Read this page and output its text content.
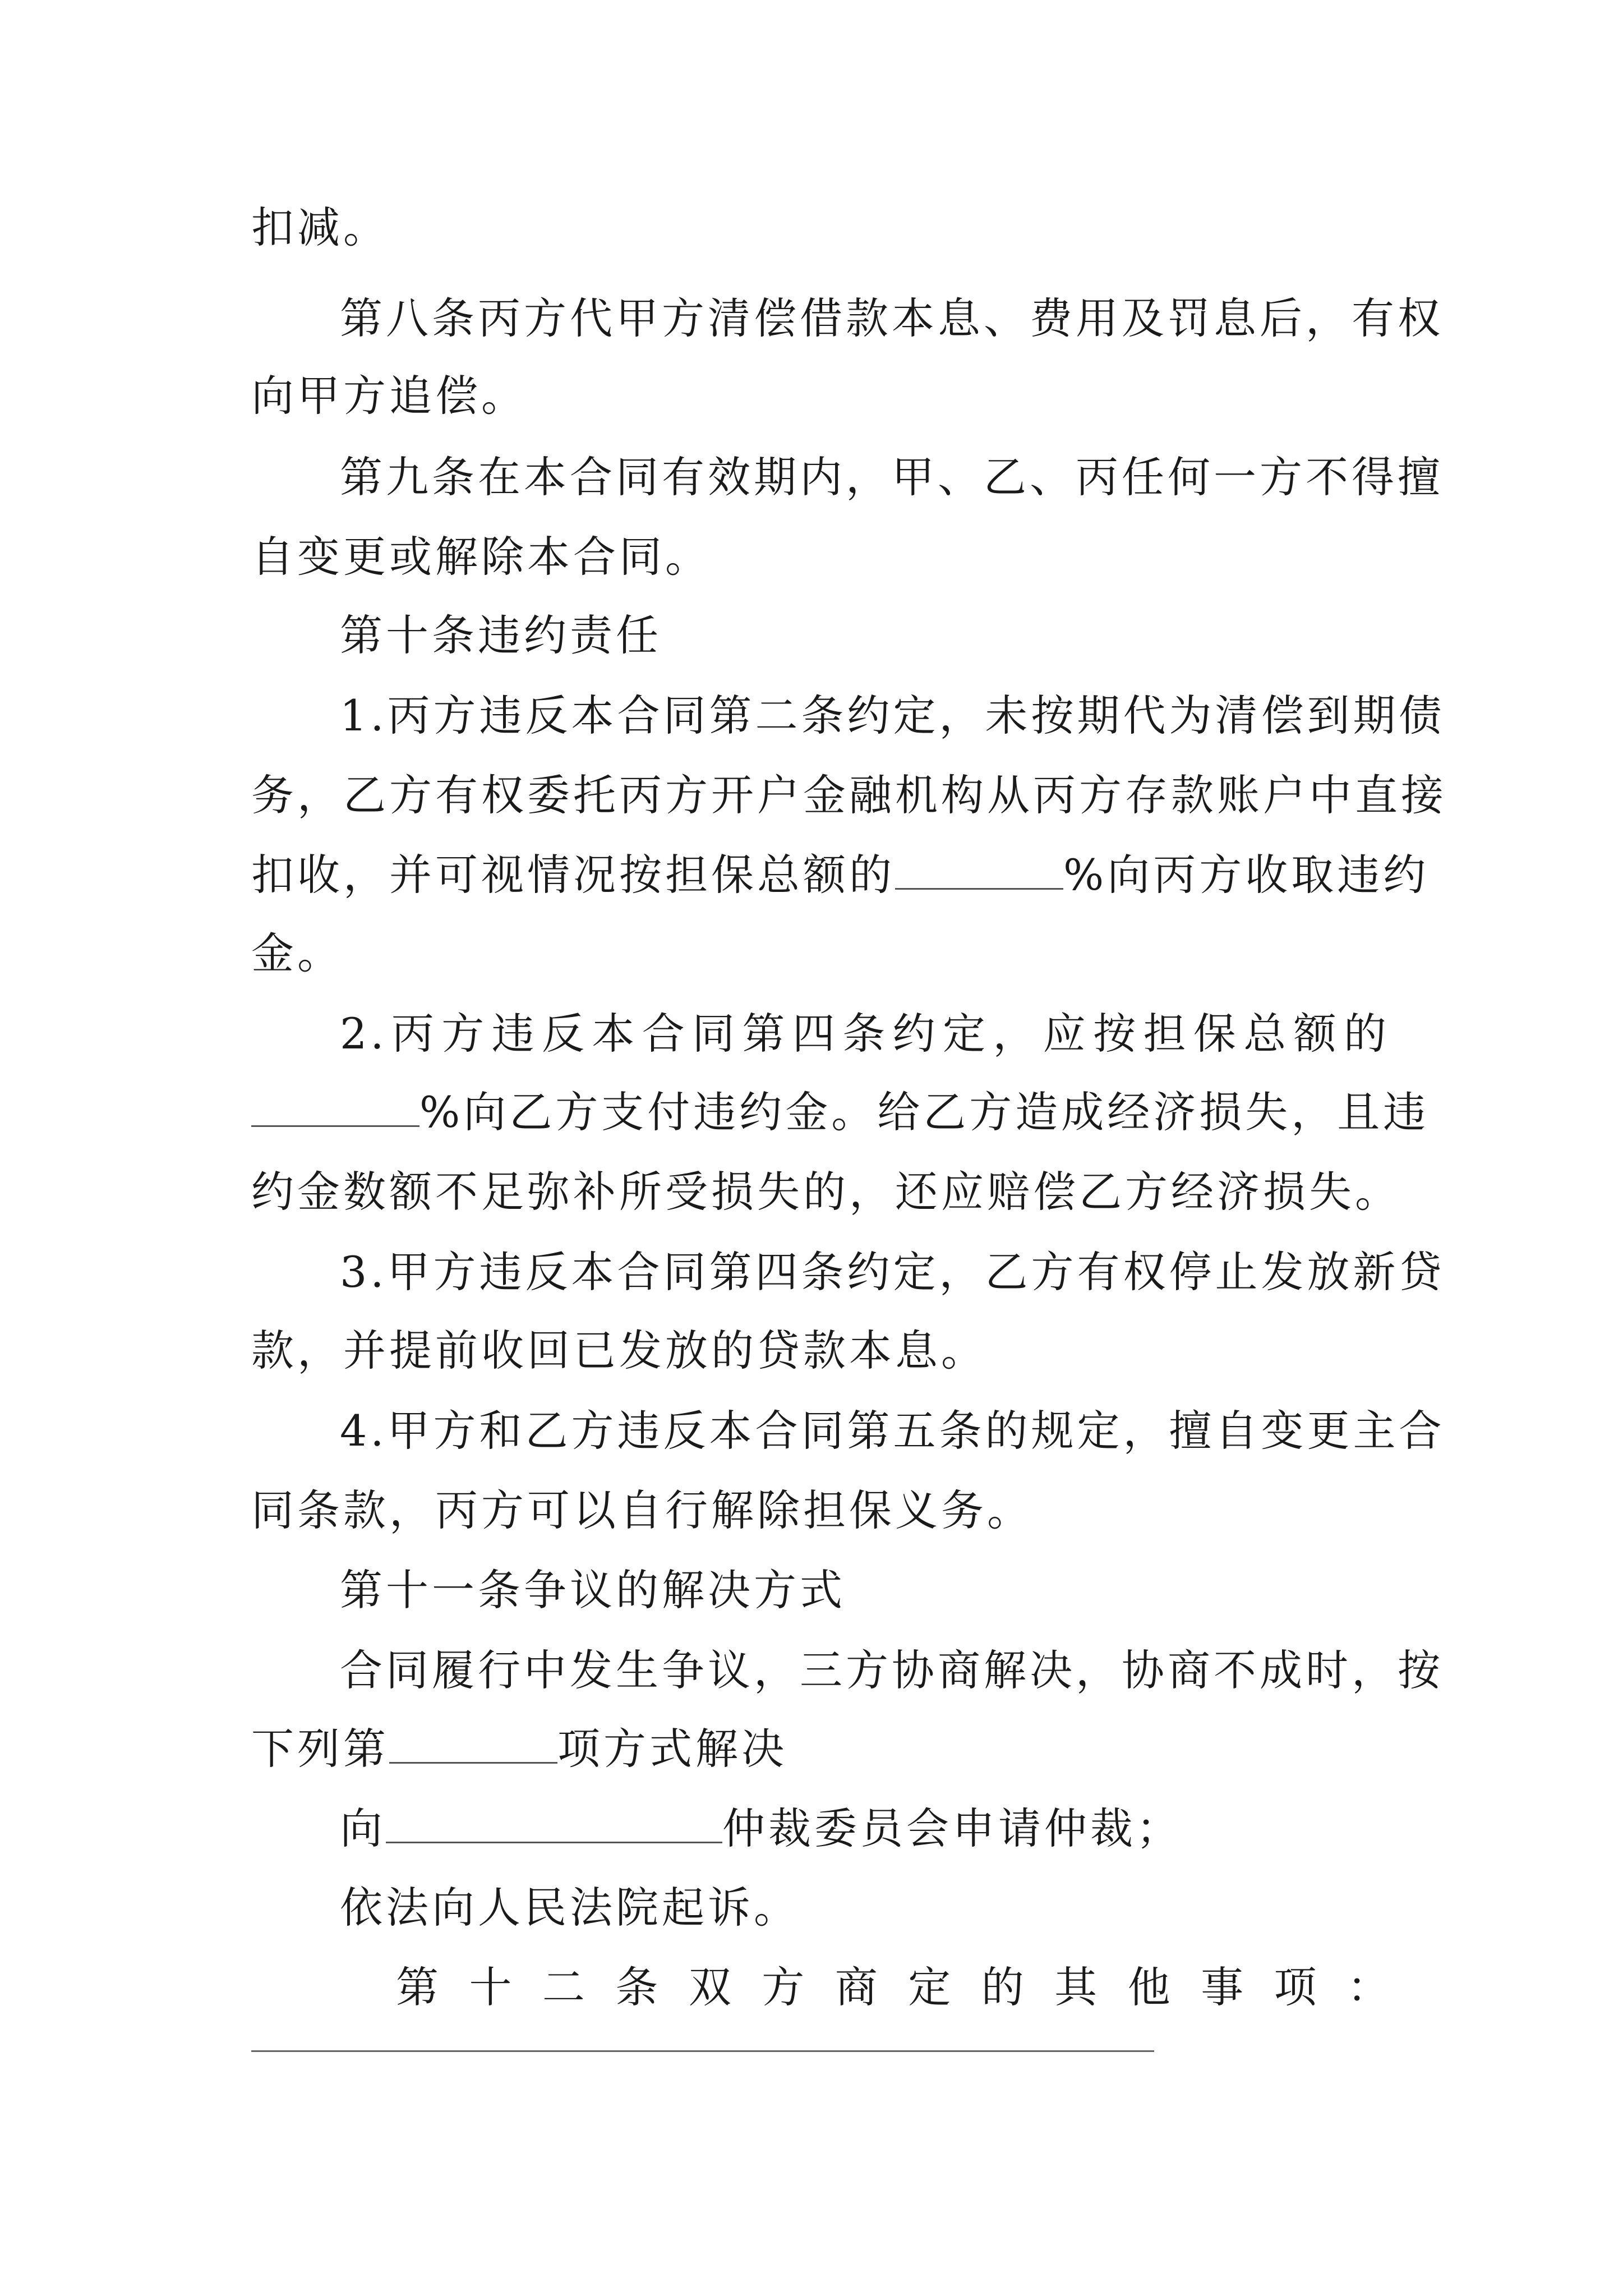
扣减。
第八条丙方代甲方清偿借款本息、费用及罚息后，有权
向甲方追偿。
第九条在本合同有效期内，甲、乙、丙任何一方不得擅
自变更或解除本合同。
第十条违约责任
1.丙方违反本合同第二条约定，未按期代为清偿到期债
务，乙方有权委托丙方开户金融机构从丙方存款账户中直接
扣收，并可视情况按担保总额的	%向丙方收取违约
金。
2.丙方违反本合同第四条约定，应按担保总额的
%向乙方支付违约金。给乙方造成经济损失，且违
约金数额不足弥补所受损失的，还应赔偿乙方经济损失。
3.甲方违反本合同第四条约定，乙方有权停止发放新贷
款，并提前收回已发放的贷款本息。
4.甲方和乙方违反本合同第五条的规定，擅自变更主合
同条款，丙方可以自行解除担保义务。
第十一条争议的解决方式
合同履行中发生争议，三方协商解决，协商不成时，按
下列第	项方式解决
向	仲裁委员会申请仲裁；
依法向人民法院起诉。
第十二条双方商定的其他事项：
